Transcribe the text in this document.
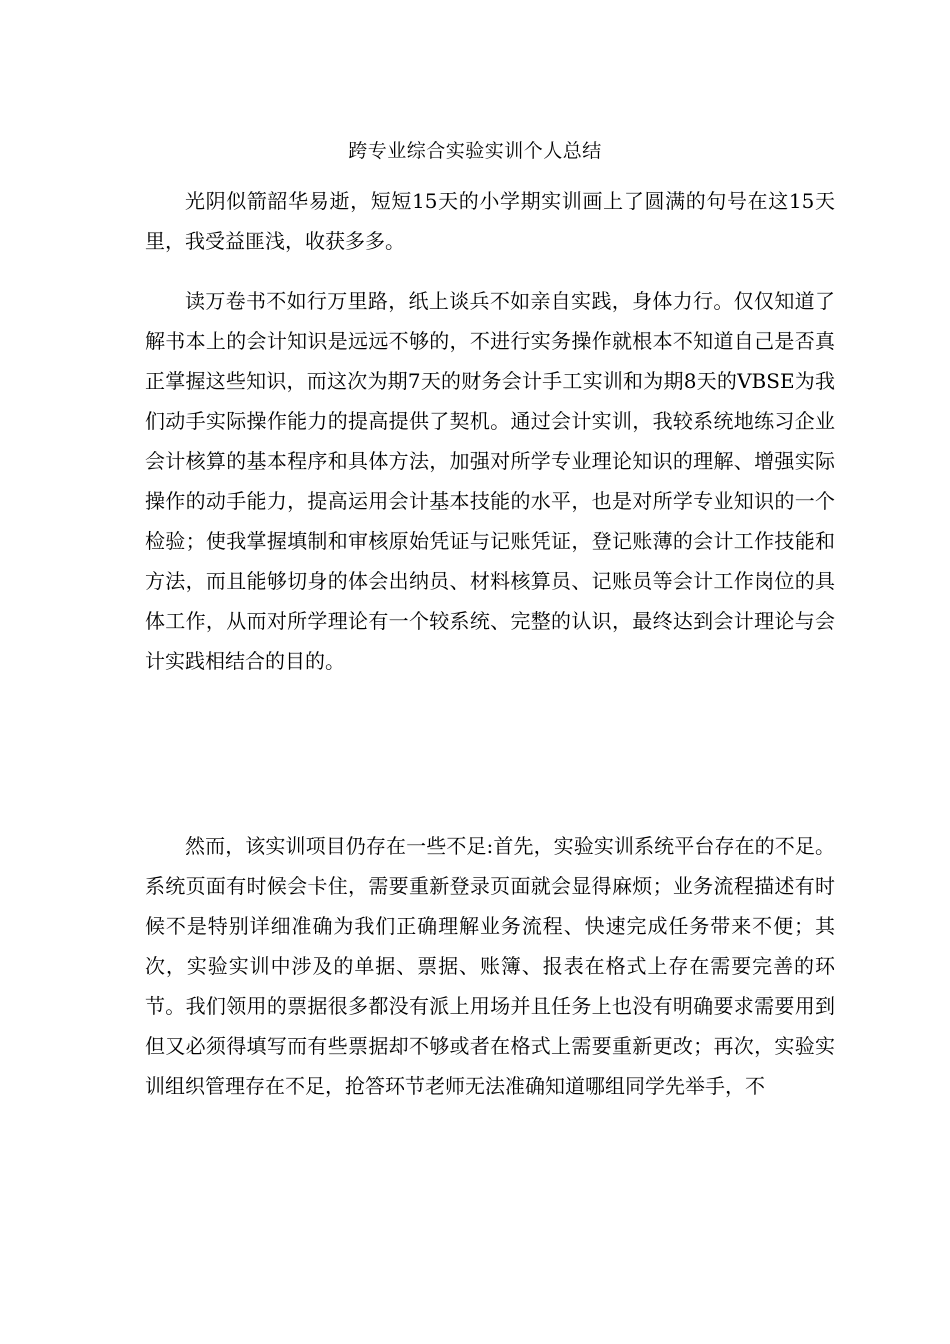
跨专业综合实验实训个人总结

光阴似箭韶华易逝，短短15天的小学期实训画上了圆满的句号在这15天里，我受益匪浅，收获多多。

读万卷书不如行万里路，纸上谈兵不如亲自实践，身体力行。仅仅知道了解书本上的会计知识是远远不够的，不进行实务操作就根本不知道自己是否真正掌握这些知识，而这次为期7天的财务会计手工实训和为期8天的VBSE为我们动手实际操作能力的提高提供了契机。通过会计实训，我较系统地练习企业会计核算的基本程序和具体方法，加强对所学专业理论知识的理解、增强实际操作的动手能力，提高运用会计基本技能的水平，也是对所学专业知识的一个检验；使我掌握填制和审核原始凭证与记账凭证，登记账薄的会计工作技能和方法，而且能够切身的体会出纳员、材料核算员、记账员等会计工作岗位的具体工作，从而对所学理论有一个较系统、完整的认识，最终达到会计理论与会计实践相结合的目的。

然而，该实训项目仍存在一些不足:首先，实验实训系统平台存在的不足。系统页面有时候会卡住，需要重新登录页面就会显得麻烦；业务流程描述有时候不是特别详细准确为我们正确理解业务流程、快速完成任务带来不便；其次，实验实训中涉及的单据、票据、账簿、报表在格式上存在需要完善的环节。我们领用的票据很多都没有派上用场并且任务上也没有明确要求需要用到但又必须得填写而有些票据却不够或者在格式上需要重新更改；再次，实验实训组织管理存在不足，抢答环节老师无法准确知道哪组同学先举手，不
